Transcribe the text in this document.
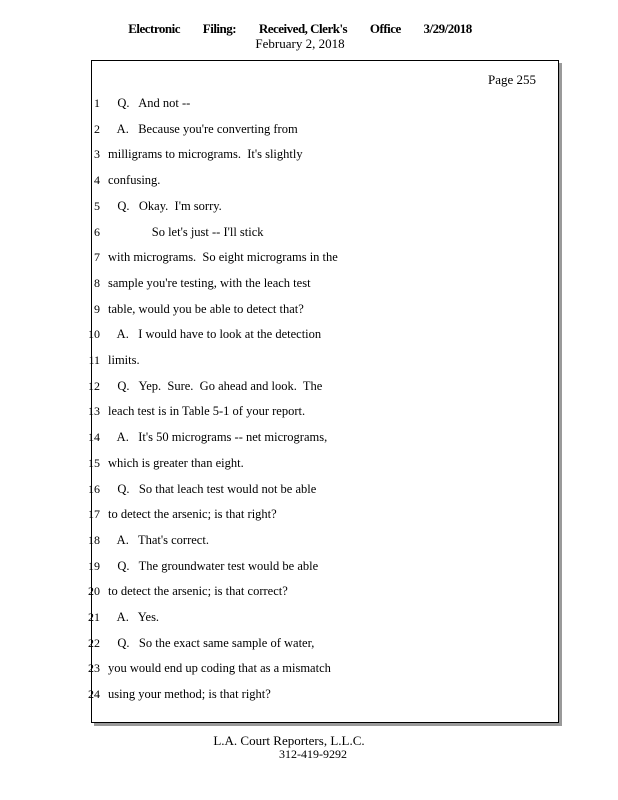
Electronic Filing: Received, Clerk's Office 3/29/2018
February 2, 2018
Page 255
1 Q.   And not --
2 A.   Because you're converting from
3 milligrams to micrograms.  It's slightly
4 confusing.
5 Q.   Okay.  I'm sorry.
6 So let's just -- I'll stick
7 with micrograms.  So eight micrograms in the
8 sample you're testing, with the leach test
9 table, would you be able to detect that?
10 A.   I would have to look at the detection
11 limits.
12 Q.   Yep.  Sure.  Go ahead and look.  The
13 leach test is in Table 5-1 of your report.
14 A.   It's 50 micrograms -- net micrograms,
15 which is greater than eight.
16 Q.   So that leach test would not be able
17 to detect the arsenic; is that right?
18 A.   That's correct.
19 Q.   The groundwater test would be able
20 to detect the arsenic; is that correct?
21 A.   Yes.
22 Q.   So the exact same sample of water,
23 you would end up coding that as a mismatch
24 using your method; is that right?
L.A. Court Reporters, L.L.C.
312-419-9292
